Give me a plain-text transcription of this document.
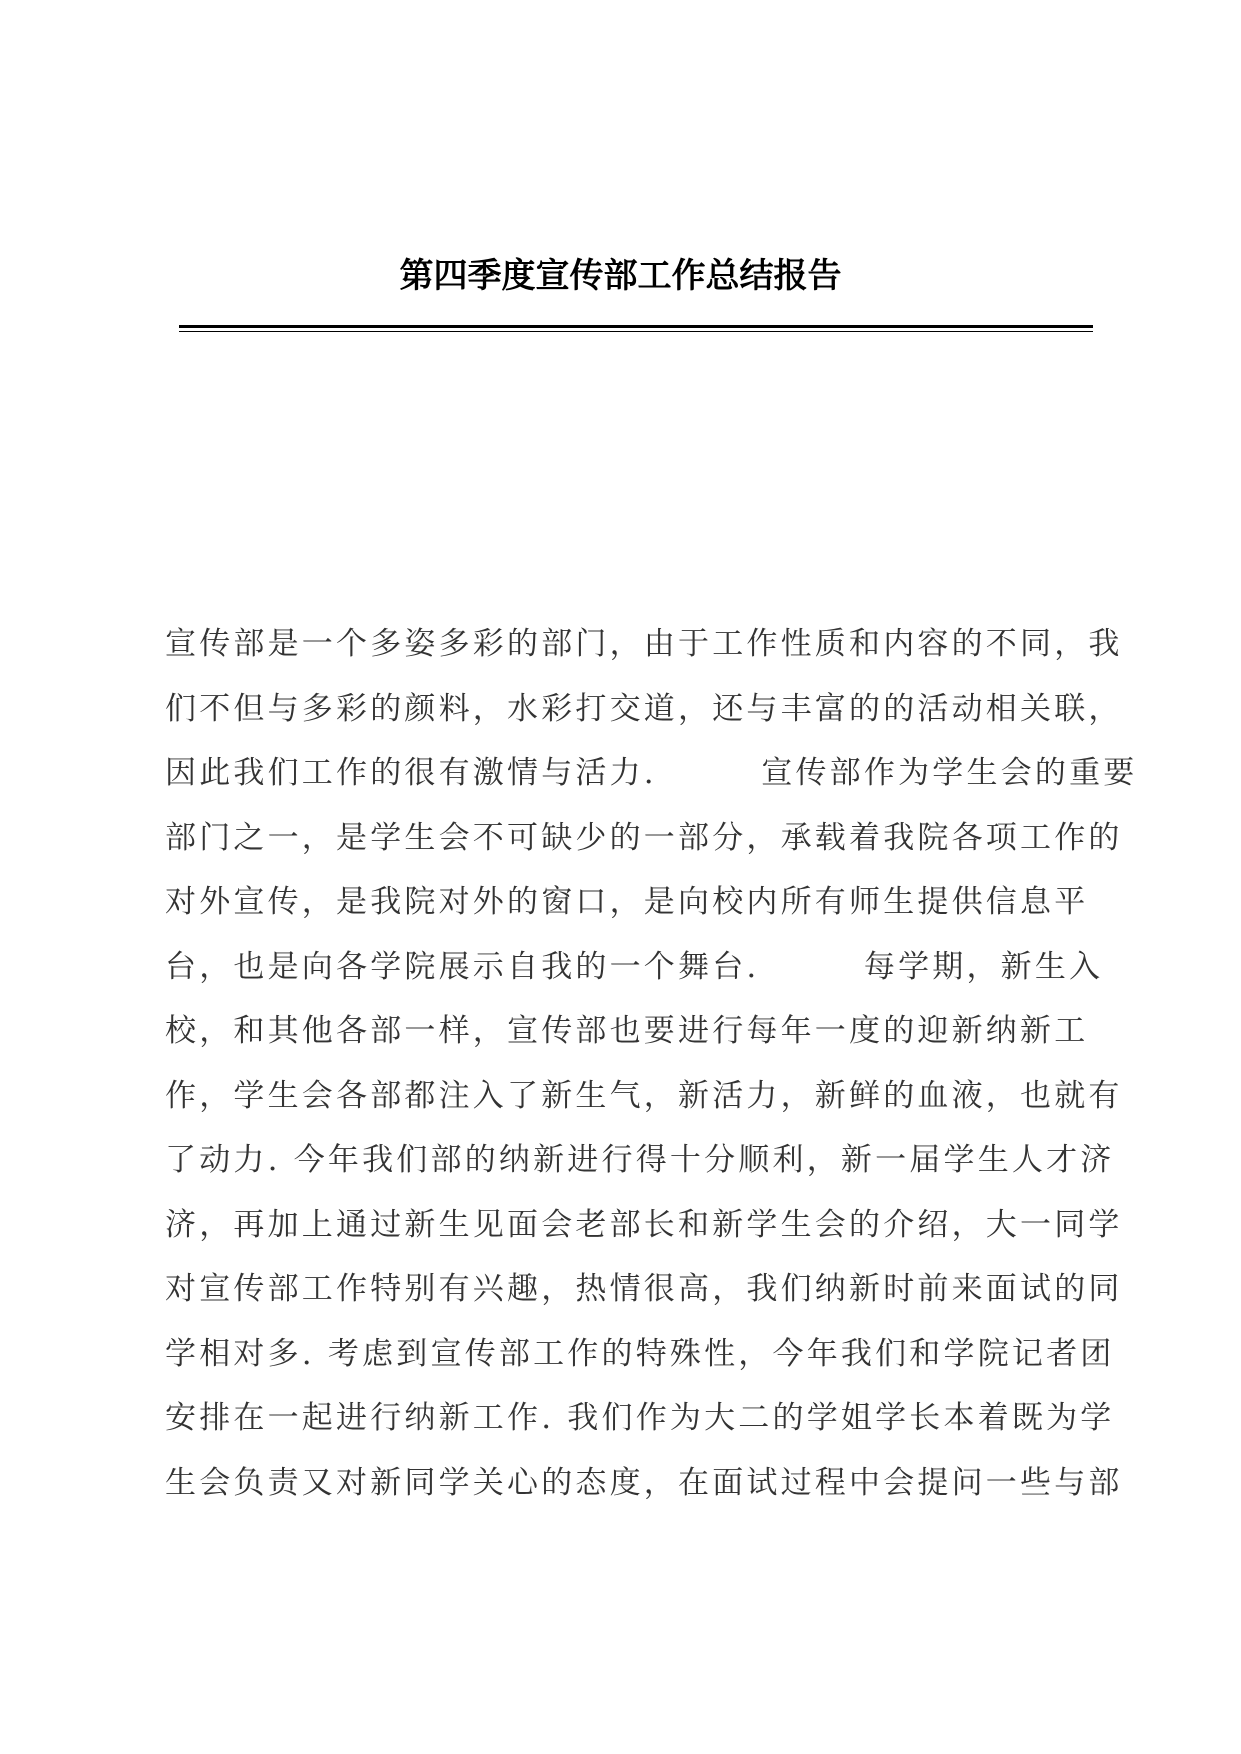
第四季度宣传部工作总结报告
宣传部是一个多姿多彩的部门，由于工作性质和内容的不同，我
们不但与多彩的颜料，水彩打交道，还与丰富的的活动相关联，
因此我们工作的很有激情与活力.        宣传部作为学生会的重要
部门之一，是学生会不可缺少的一部分，承载着我院各项工作的
对外宣传，是我院对外的窗口，是向校内所有师生提供信息平
台，也是向各学院展示自我的一个舞台.        每学期，新生入
校，和其他各部一样，宣传部也要进行每年一度的迎新纳新工
作，学生会各部都注入了新生气，新活力，新鲜的血液，也就有
了动力. 今年我们部的纳新进行得十分顺利，新一届学生人才济
济，再加上通过新生见面会老部长和新学生会的介绍，大一同学
对宣传部工作特别有兴趣，热情很高，我们纳新时前来面试的同
学相对多. 考虑到宣传部工作的特殊性，今年我们和学院记者团
安排在一起进行纳新工作. 我们作为大二的学姐学长本着既为学
生会负责又对新同学关心的态度，在面试过程中会提问一些与部
